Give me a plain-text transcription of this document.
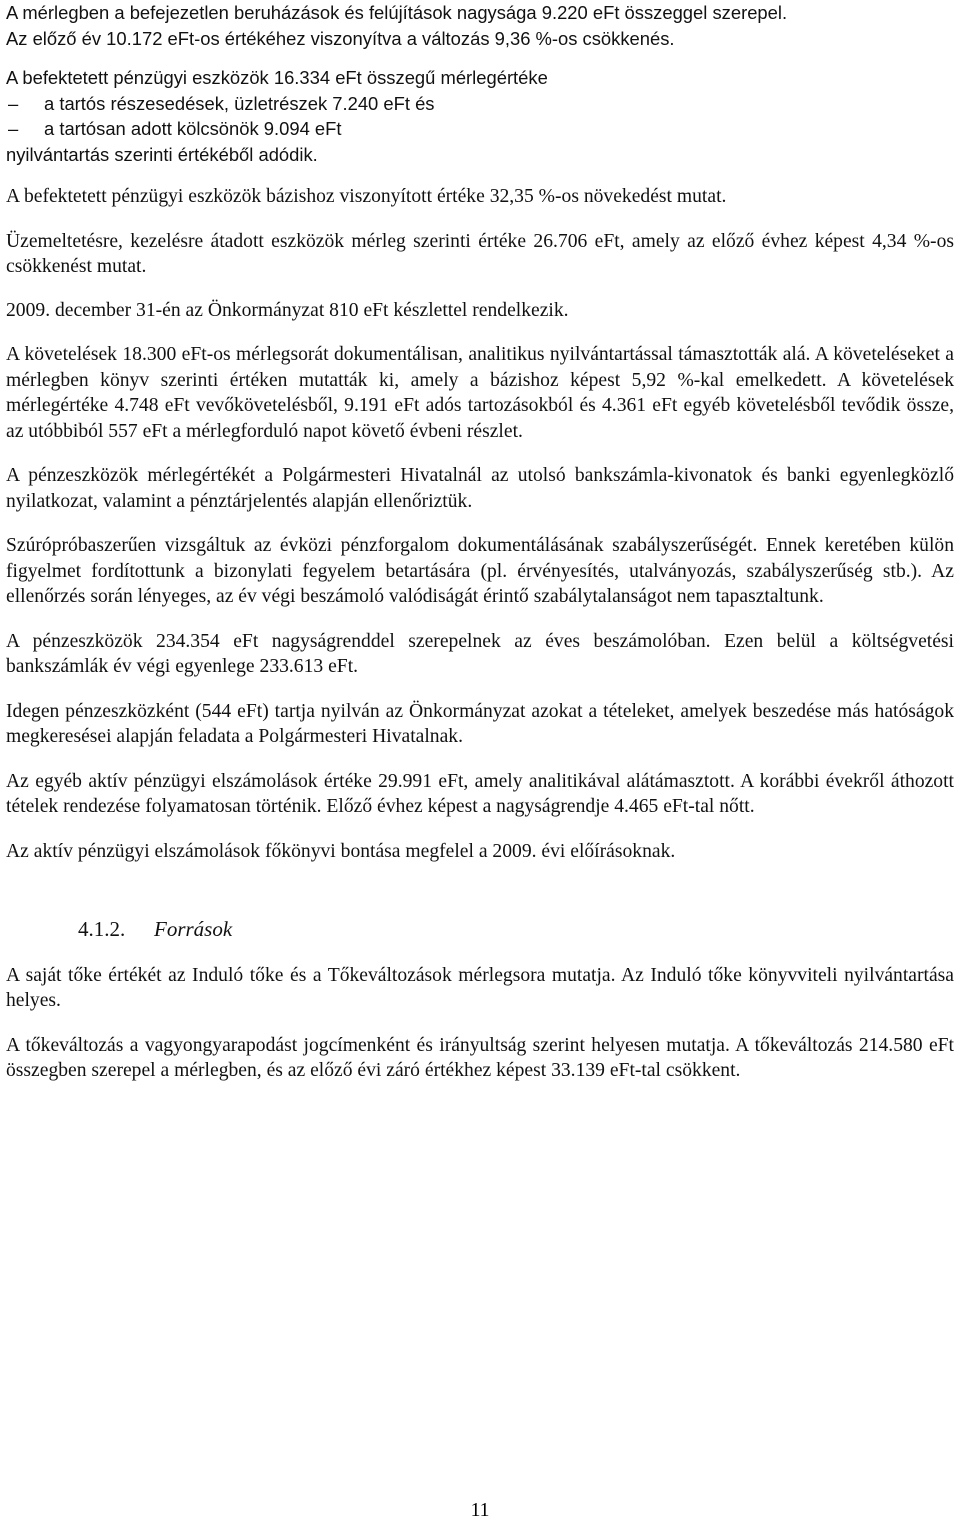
A mérlegben a befejezetlen beruházások és felújítások nagysága 9.220 eFt összeggel szerepel.

Az előző év 10.172 eFt-os értékéhez viszonyítva a változás 9,36 %-os csökkenés.

A befektetett pénzügyi eszközök 16.334 eFt összegű mérlegértéke

– a tartós részesedések, üzletrészek 7.240 eFt és

– a tartósan adott kölcsönök 9.094 eFt

nyilvántartás szerinti értékéből adódik.

A befektetett pénzügyi eszközök bázishoz viszonyított értéke 32,35 %-os növekedést mutat.

Üzemeltetésre, kezelésre átadott eszközök mérleg szerinti értéke 26.706 eFt, amely az előző évhez képest 4,34 %-os csökkenést mutat.

2009. december 31-én az Önkormányzat 810 eFt készlettel rendelkezik.

A követelések 18.300 eFt-os mérlegsorát dokumentálisan, analitikus nyilvántartással támasztották alá. A követeléseket a mérlegben könyv szerinti értéken mutatták ki, amely a bázishoz képest 5,92 %-kal emelkedett. A követelések mérlegértéke 4.748 eFt vevőkövetelésből, 9.191 eFt adós tartozásokból és 4.361 eFt egyéb követelésből tevődik össze, az utóbbiból 557 eFt a mérlegforduló napot követő évbeni részlet.

A pénzeszközök mérlegértékét a Polgármesteri Hivatalnál az utolsó bankszámla-kivonatok és banki egyenlegközlő nyilatkozat, valamint a pénztárjelentés alapján ellenőriztük.

Szúrópróbaszerűen vizsgáltuk az évközi pénzforgalom dokumentálásának szabályszerűségét. Ennek keretében külön figyelmet fordítottunk a bizonylati fegyelem betartására (pl. érvényesítés, utalványozás, szabályszerűség stb.). Az ellenőrzés során lényeges, az év végi beszámoló valódiságát érintő szabálytalanságot nem tapasztaltunk.

A pénzeszközök 234.354 eFt nagyságrenddel szerepelnek az éves beszámolóban. Ezen belül a költségvetési bankszámlák év végi egyenlege 233.613 eFt.

Idegen pénzeszközként (544 eFt) tartja nyilván az Önkormányzat azokat a tételeket, amelyek beszedése más hatóságok megkeresései alapján feladata a Polgármesteri Hivatalnak.

Az egyéb aktív pénzügyi elszámolások értéke 29.991 eFt, amely analitikával alátámasztott. A korábbi évekről áthozott tételek rendezése folyamatosan történik. Előző évhez képest a nagyságrendje 4.465 eFt-tal nőtt.

Az aktív pénzügyi elszámolások főkönyvi bontása megfelel a 2009. évi előírásoknak.

4.1.2. Források

A saját tőke értékét az Induló tőke és a Tőkeváltozások mérlegsora mutatja. Az Induló tőke könyvviteli nyilvántartása helyes.

A tőkeváltozás a vagyongyarapodást jogcímenként és irányultság szerint helyesen mutatja. A tőkeváltozás 214.580 eFt összegben szerepel a mérlegben, és az előző évi záró értékhez képest 33.139 eFt-tal csökkent.

11
